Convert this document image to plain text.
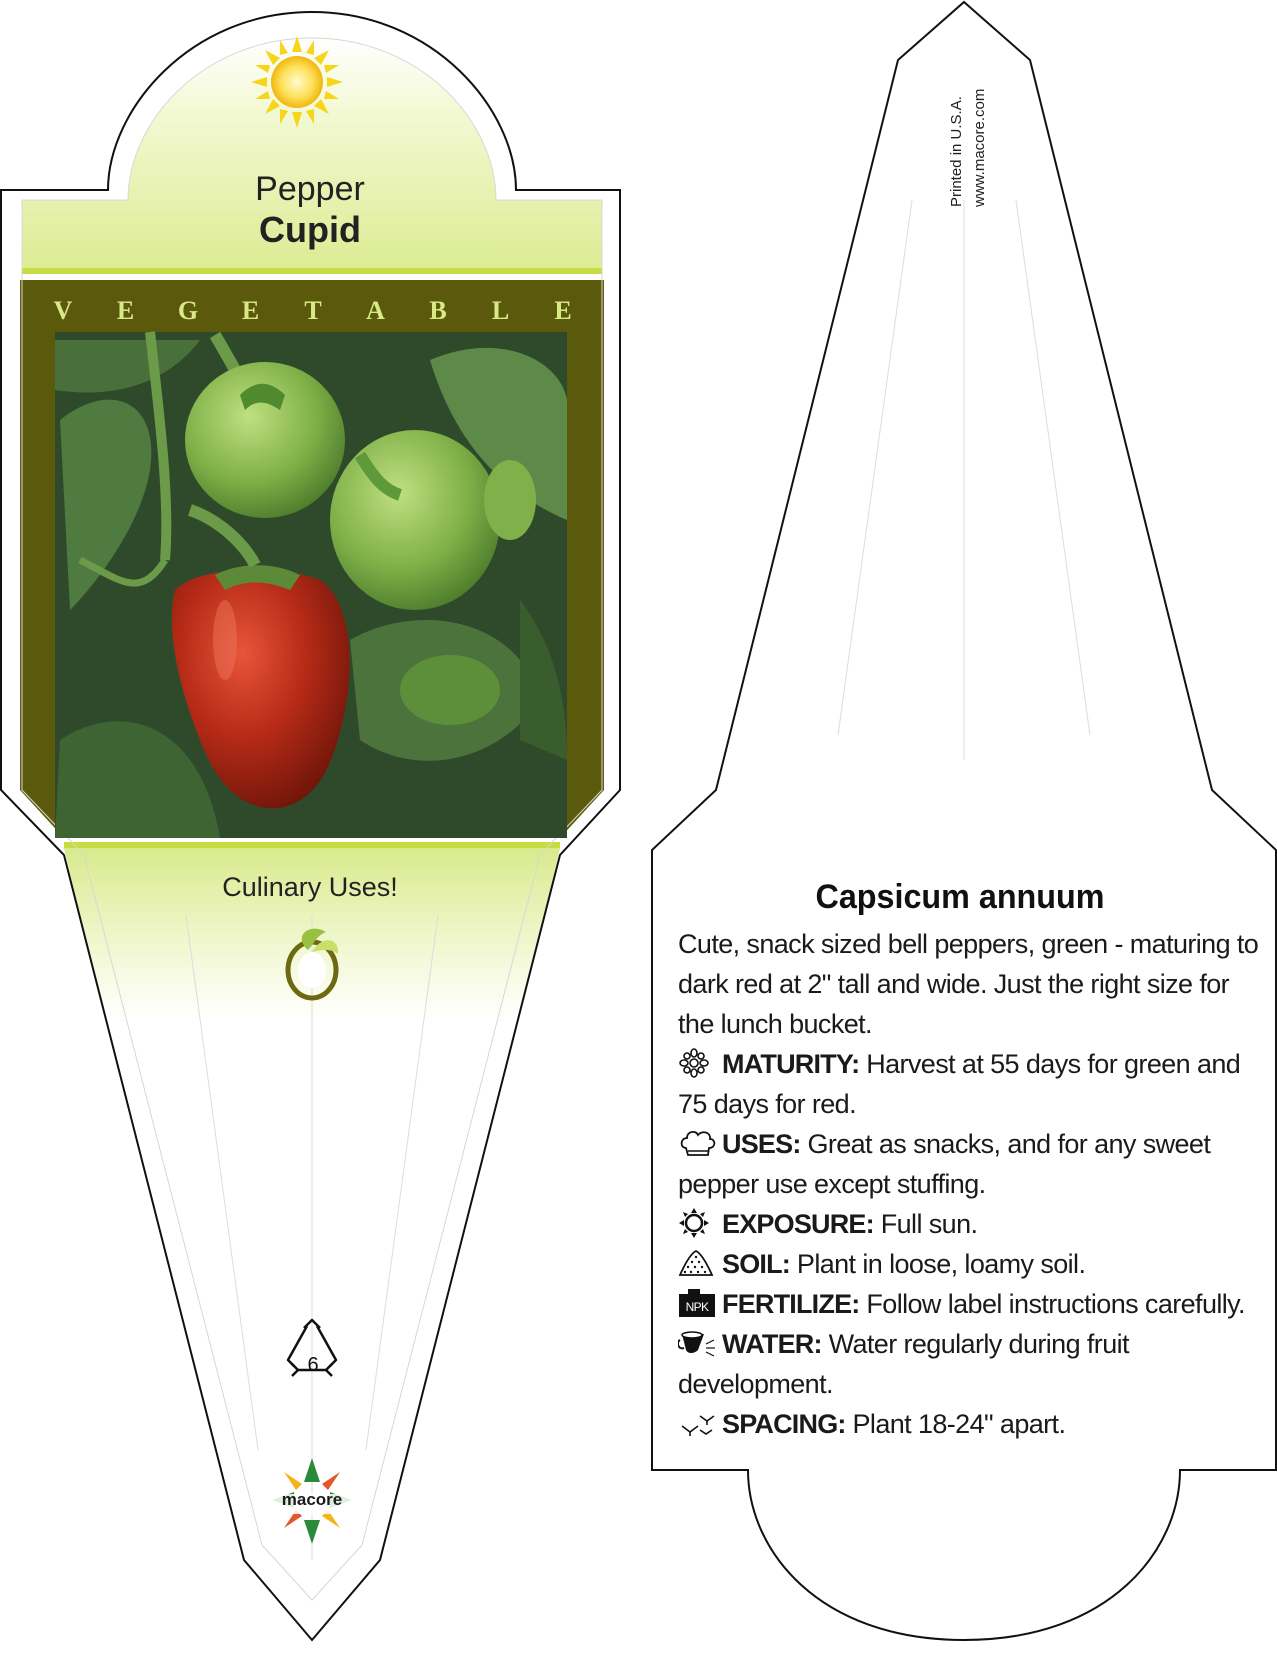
Pepper
Cupid
V E G E T A B L E
Culinary Uses!
6
macore
Printed in U.S.A. www.macore.com
Capsicum annuum

Cute, snack sized bell peppers, green - maturing to dark red at 2" tall and wide. Just the right size for the lunch bucket.

MATURITY: Harvest at 55 days for green and 75 days for red.

USES: Great as snacks, and for any sweet pepper use except stuffing.

EXPOSURE: Full sun.

SOIL: Plant in loose, loamy soil.

NPK FERTILIZE: Follow label instructions carefully.

WATER: Water regularly during fruit development.

SPACING: Plant 18-24" apart.
